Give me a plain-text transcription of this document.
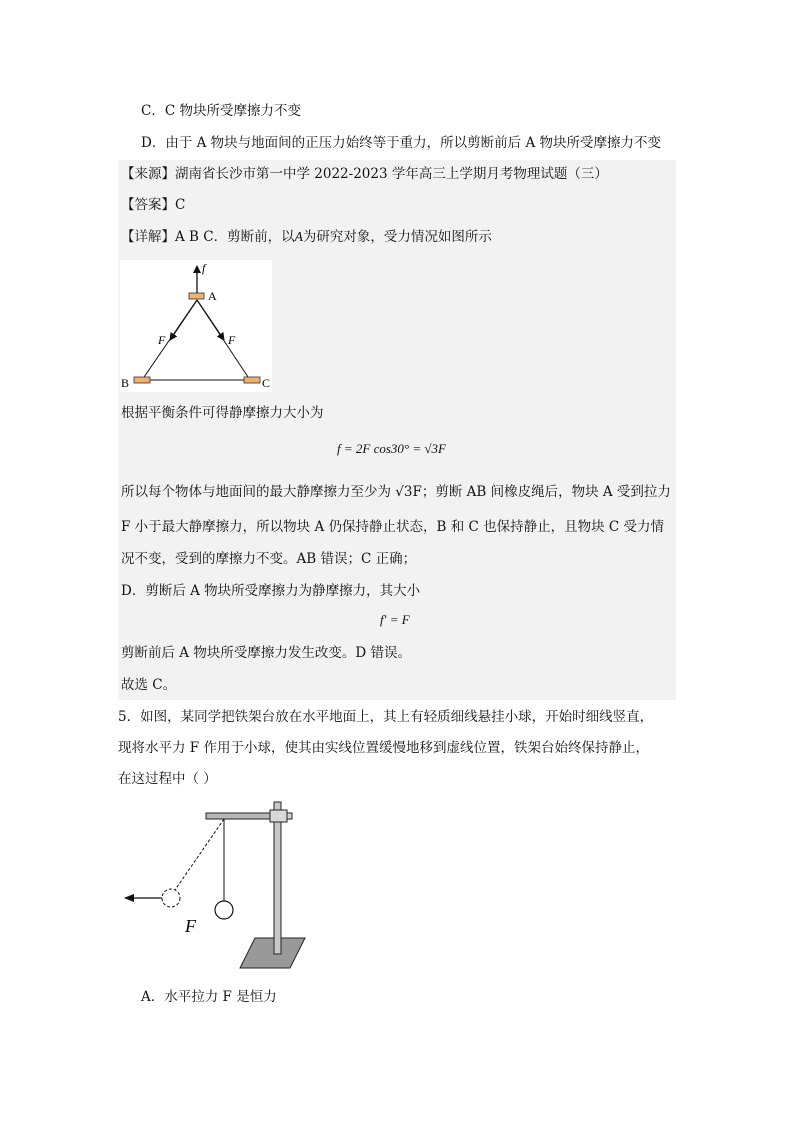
C．C 物块所受摩擦力不变
D．由于 A 物块与地面间的正压力始终等于重力，所以剪断前后 A 物块所受摩擦力不变
【来源】湖南省长沙市第一中学 2022-2023 学年高三上学期月考物理试题（三）
【答案】C
【详解】A B C．剪断前，以A为研究对象，受力情况如图所示
f
A
B	C
F	F
根据平衡条件可得静摩擦力大小为
f = 2F cos30° = √3F
所以每个物体与地面间的最大静摩擦力至少为 √3F；剪断 AB 间橡皮绳后，物块 A 受到拉力
F 小于最大静摩擦力，所以物块 A 仍保持静止状态，B 和 C 也保持静止，且物块 C 受力情
况不变，受到的摩擦力不变。AB 错误；C 正确；
D．剪断后 A 物块所受摩擦力为静摩擦力，其大小
f′ = F
剪断前后 A 物块所受摩擦力发生改变。D 错误。
故选 C。
5．如图，某同学把铁架台放在水平地面上，其上有轻质细线悬挂小球，开始时细线竖直，
现将水平力 F 作用于小球，使其由实线位置缓慢地移到虚线位置，铁架台始终保持静止，
在这过程中（ ）
F
A．水平拉力 F 是恒力
